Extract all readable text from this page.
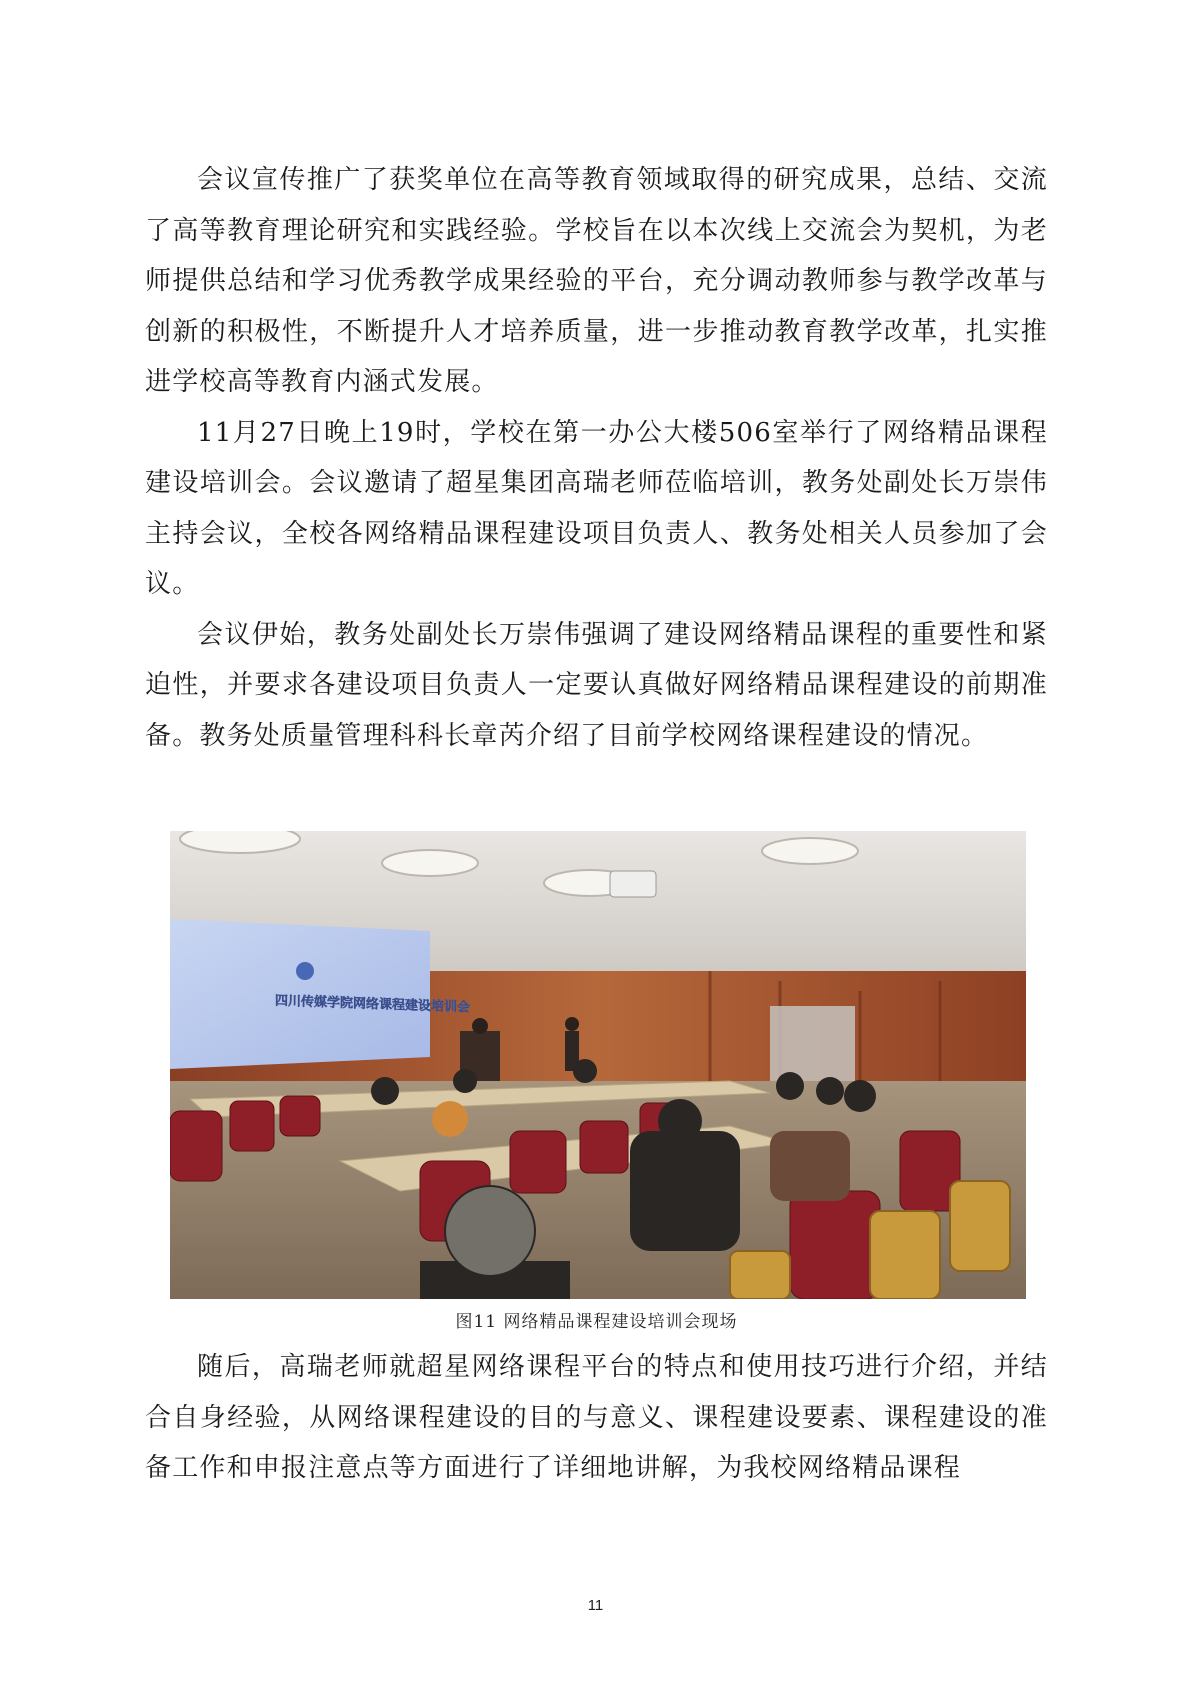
会议宣传推广了获奖单位在高等教育领域取得的研究成果，总结、交流了高等教育理论研究和实践经验。学校旨在以本次线上交流会为契机，为老师提供总结和学习优秀教学成果经验的平台，充分调动教师参与教学改革与创新的积极性，不断提升人才培养质量，进一步推动教育教学改革，扎实推进学校高等教育内涵式发展。

11月27日晚上19时，学校在第一办公大楼506室举行了网络精品课程建设培训会。会议邀请了超星集团高瑞老师莅临培训，教务处副处长万崇伟主持会议，全校各网络精品课程建设项目负责人、教务处相关人员参加了会议。

会议伊始，教务处副处长万崇伟强调了建设网络精品课程的重要性和紧迫性，并要求各建设项目负责人一定要认真做好网络精品课程建设的前期准备。教务处质量管理科科长章芮介绍了目前学校网络课程建设的情况。

四川传媒学院网络课程建设培训会
图11 网络精品课程建设培训会现场

随后，高瑞老师就超星网络课程平台的特点和使用技巧进行介绍，并结合自身经验，从网络课程建设的目的与意义、课程建设要素、课程建设的准备工作和申报注意点等方面进行了详细地讲解，为我校网络精品课程

11
